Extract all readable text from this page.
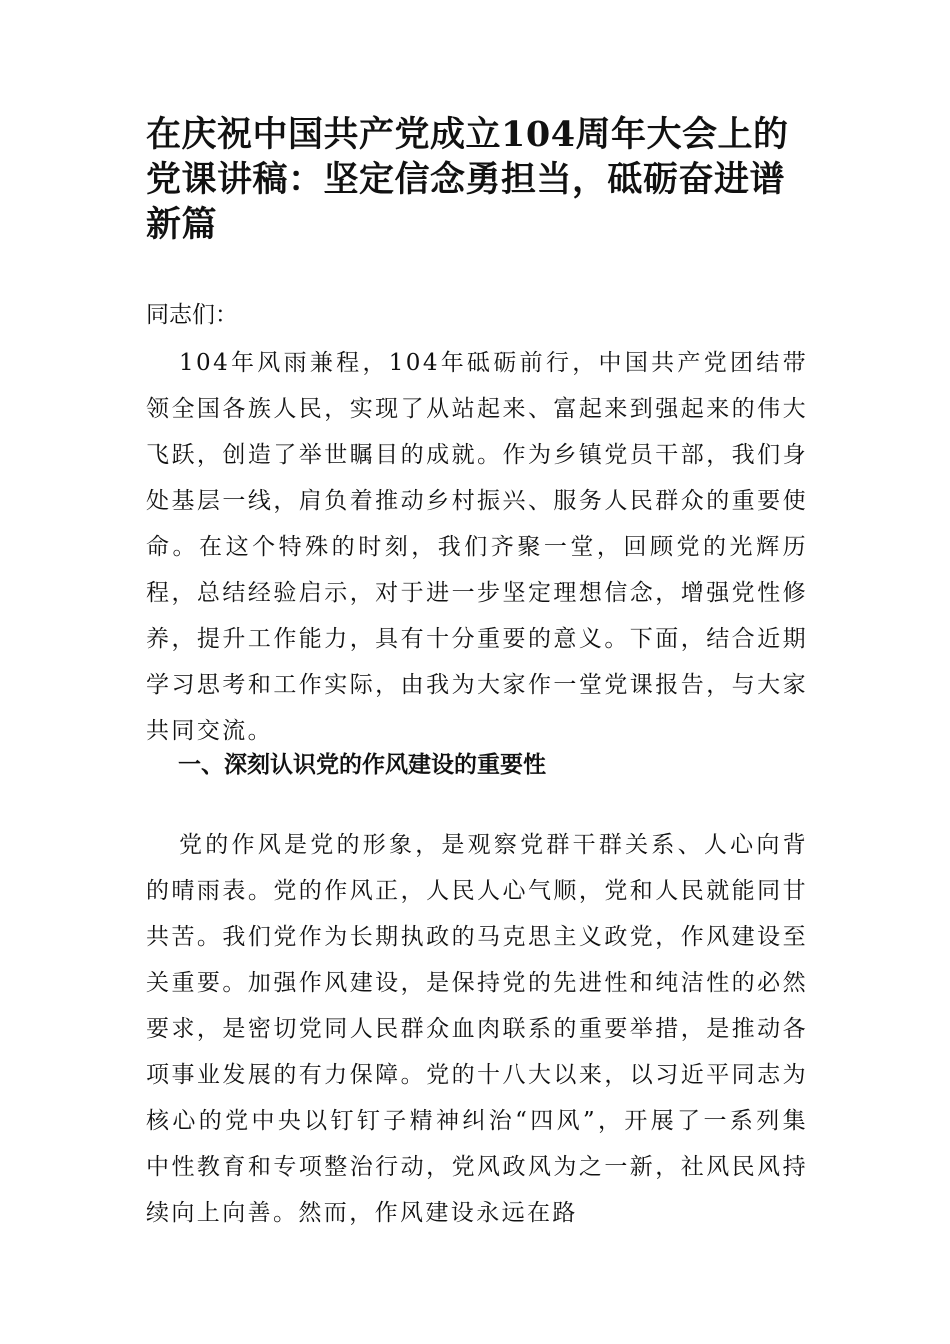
在庆祝中国共产党成立104周年大会上的党课讲稿：坚定信念勇担当，砥砺奋进谱新篇

同志们：

104年风雨兼程，104年砥砺前行，中国共产党团结带领全国各族人民，实现了从站起来、富起来到强起来的伟大飞跃，创造了举世瞩目的成就。作为乡镇党员干部，我们身处基层一线，肩负着推动乡村振兴、服务人民群众的重要使命。在这个特殊的时刻，我们齐聚一堂，回顾党的光辉历程，总结经验启示，对于进一步坚定理想信念，增强党性修养，提升工作能力，具有十分重要的意义。下面，结合近期学习思考和工作实际，由我为大家作一堂党课报告，与大家共同交流。

一、深刻认识党的作风建设的重要性

党的作风是党的形象，是观察党群干群关系、人心向背的晴雨表。党的作风正，人民人心气顺，党和人民就能同甘共苦。我们党作为长期执政的马克思主义政党，作风建设至关重要。加强作风建设，是保持党的先进性和纯洁性的必然要求，是密切党同人民群众血肉联系的重要举措，是推动各项事业发展的有力保障。党的十八大以来，以习近平同志为核心的党中央以钉钉子精神纠治“四风”，开展了一系列集中性教育和专项整治行动，党风政风为之一新，社风民风持续向上向善。然而，作风建设永远在路
